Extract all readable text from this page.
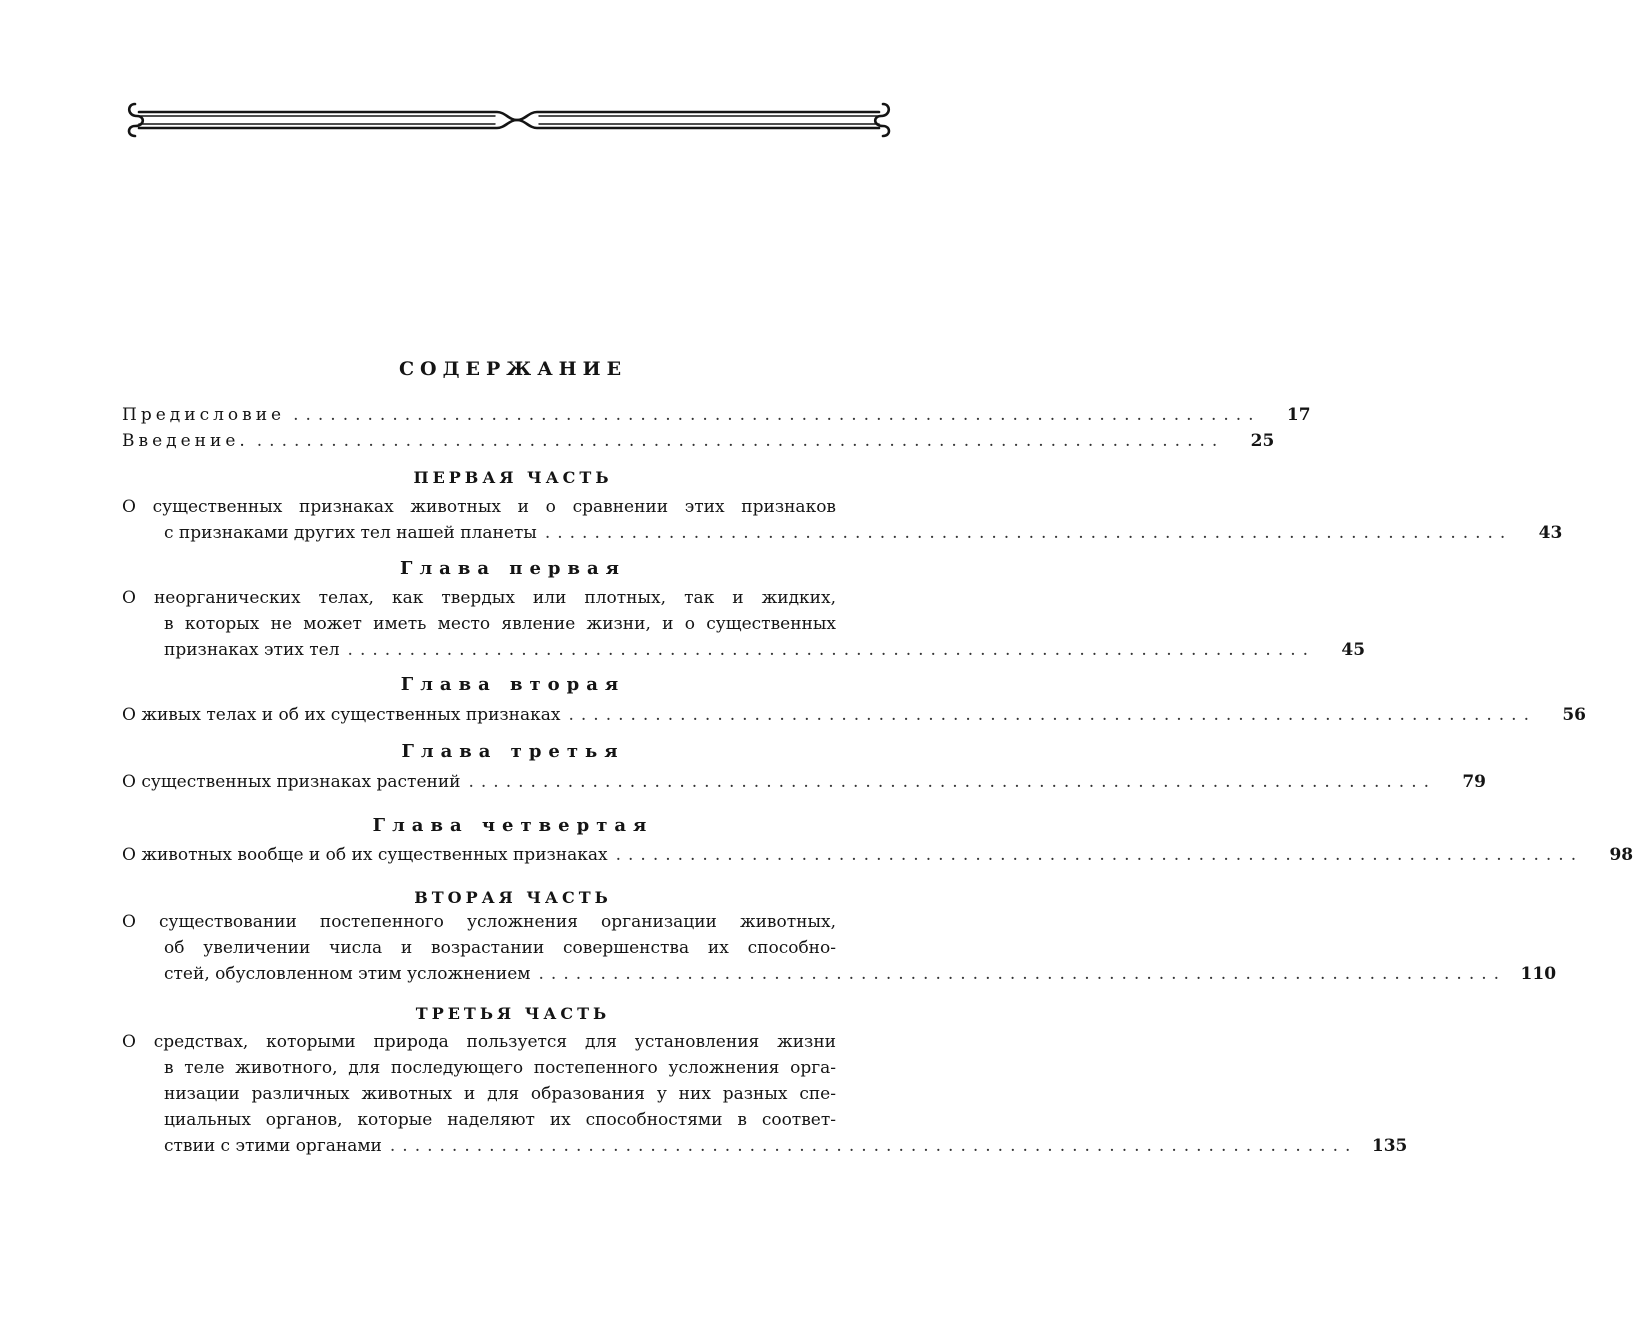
СОДЕРЖАНИЕ
Предисловие ..............................................................................	17
Введение. ..............................................................................	25
ПЕРВАЯ ЧАСТЬ
О существенных признаках животных и о сравнении этих признаков
с признаками других тел нашей планеты ..............................................................................	43
Глава первая
О неорганических телах, как твердых или плотных, так и жидких,
в которых не может иметь место явление жизни, и о существенных
признаках этих тел ..............................................................................	45
Глава вторая
О живых телах и об их существенных признаках ..............................................................................	56
Глава третья
О существенных признаках растений ..............................................................................	79
Глава четвертая
О животных вообще и об их существенных признаках ..............................................................................	98
ВТОРАЯ ЧАСТЬ
О существовании постепенного усложнения организации животных,
об увеличении числа и возрастании совершенства их способно-
стей, обусловленном этим усложнением .............................................................................. 110
ТРЕТЬЯ ЧАСТЬ
О средствах, которыми природа пользуется для установления жизни
в теле животного, для последующего постепенного усложнения орга-
низации различных животных и для образования у них разных спе-
циальных органов, которые наделяют их способностями в соответ-
ствии с этими органами .............................................................................. 135
